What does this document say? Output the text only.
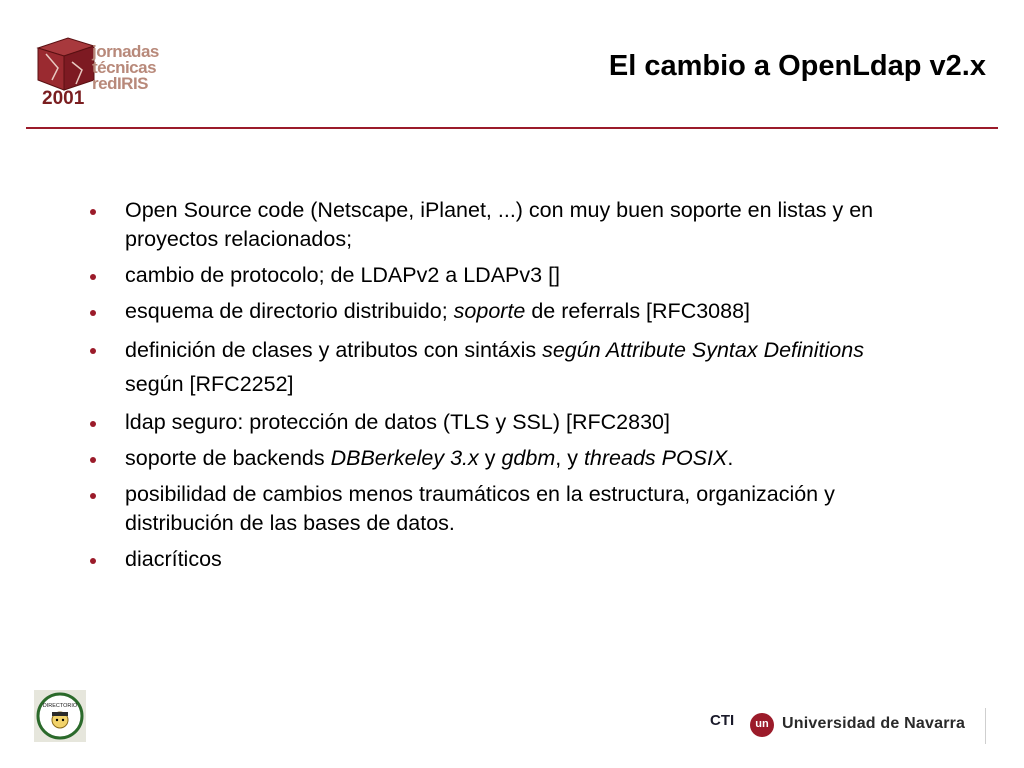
jornadas
técnicas
redIRIS
2001
El cambio a OpenLdap v2.x
Open Source code (Netscape, iPlanet, ...) con muy buen soporte en listas y en proyectos relacionados;
cambio de protocolo; de LDAPv2 a LDAPv3 []
esquema de directorio distribuido; soporte de referrals [RFC3088]
definición de clases y atributos con sintáxis según Attribute Syntax Definitions según [RFC2252]
ldap seguro: protección de datos (TLS y SSL) [RFC2830]
soporte de backends DBBerkeley 3.x y gdbm, y threads POSIX.
posibilidad de cambios menos traumáticos en la estructura, organización y distribución de las bases de datos.
diacríticos
DIRECTORIO
CTI	un Universidad de Navarra
